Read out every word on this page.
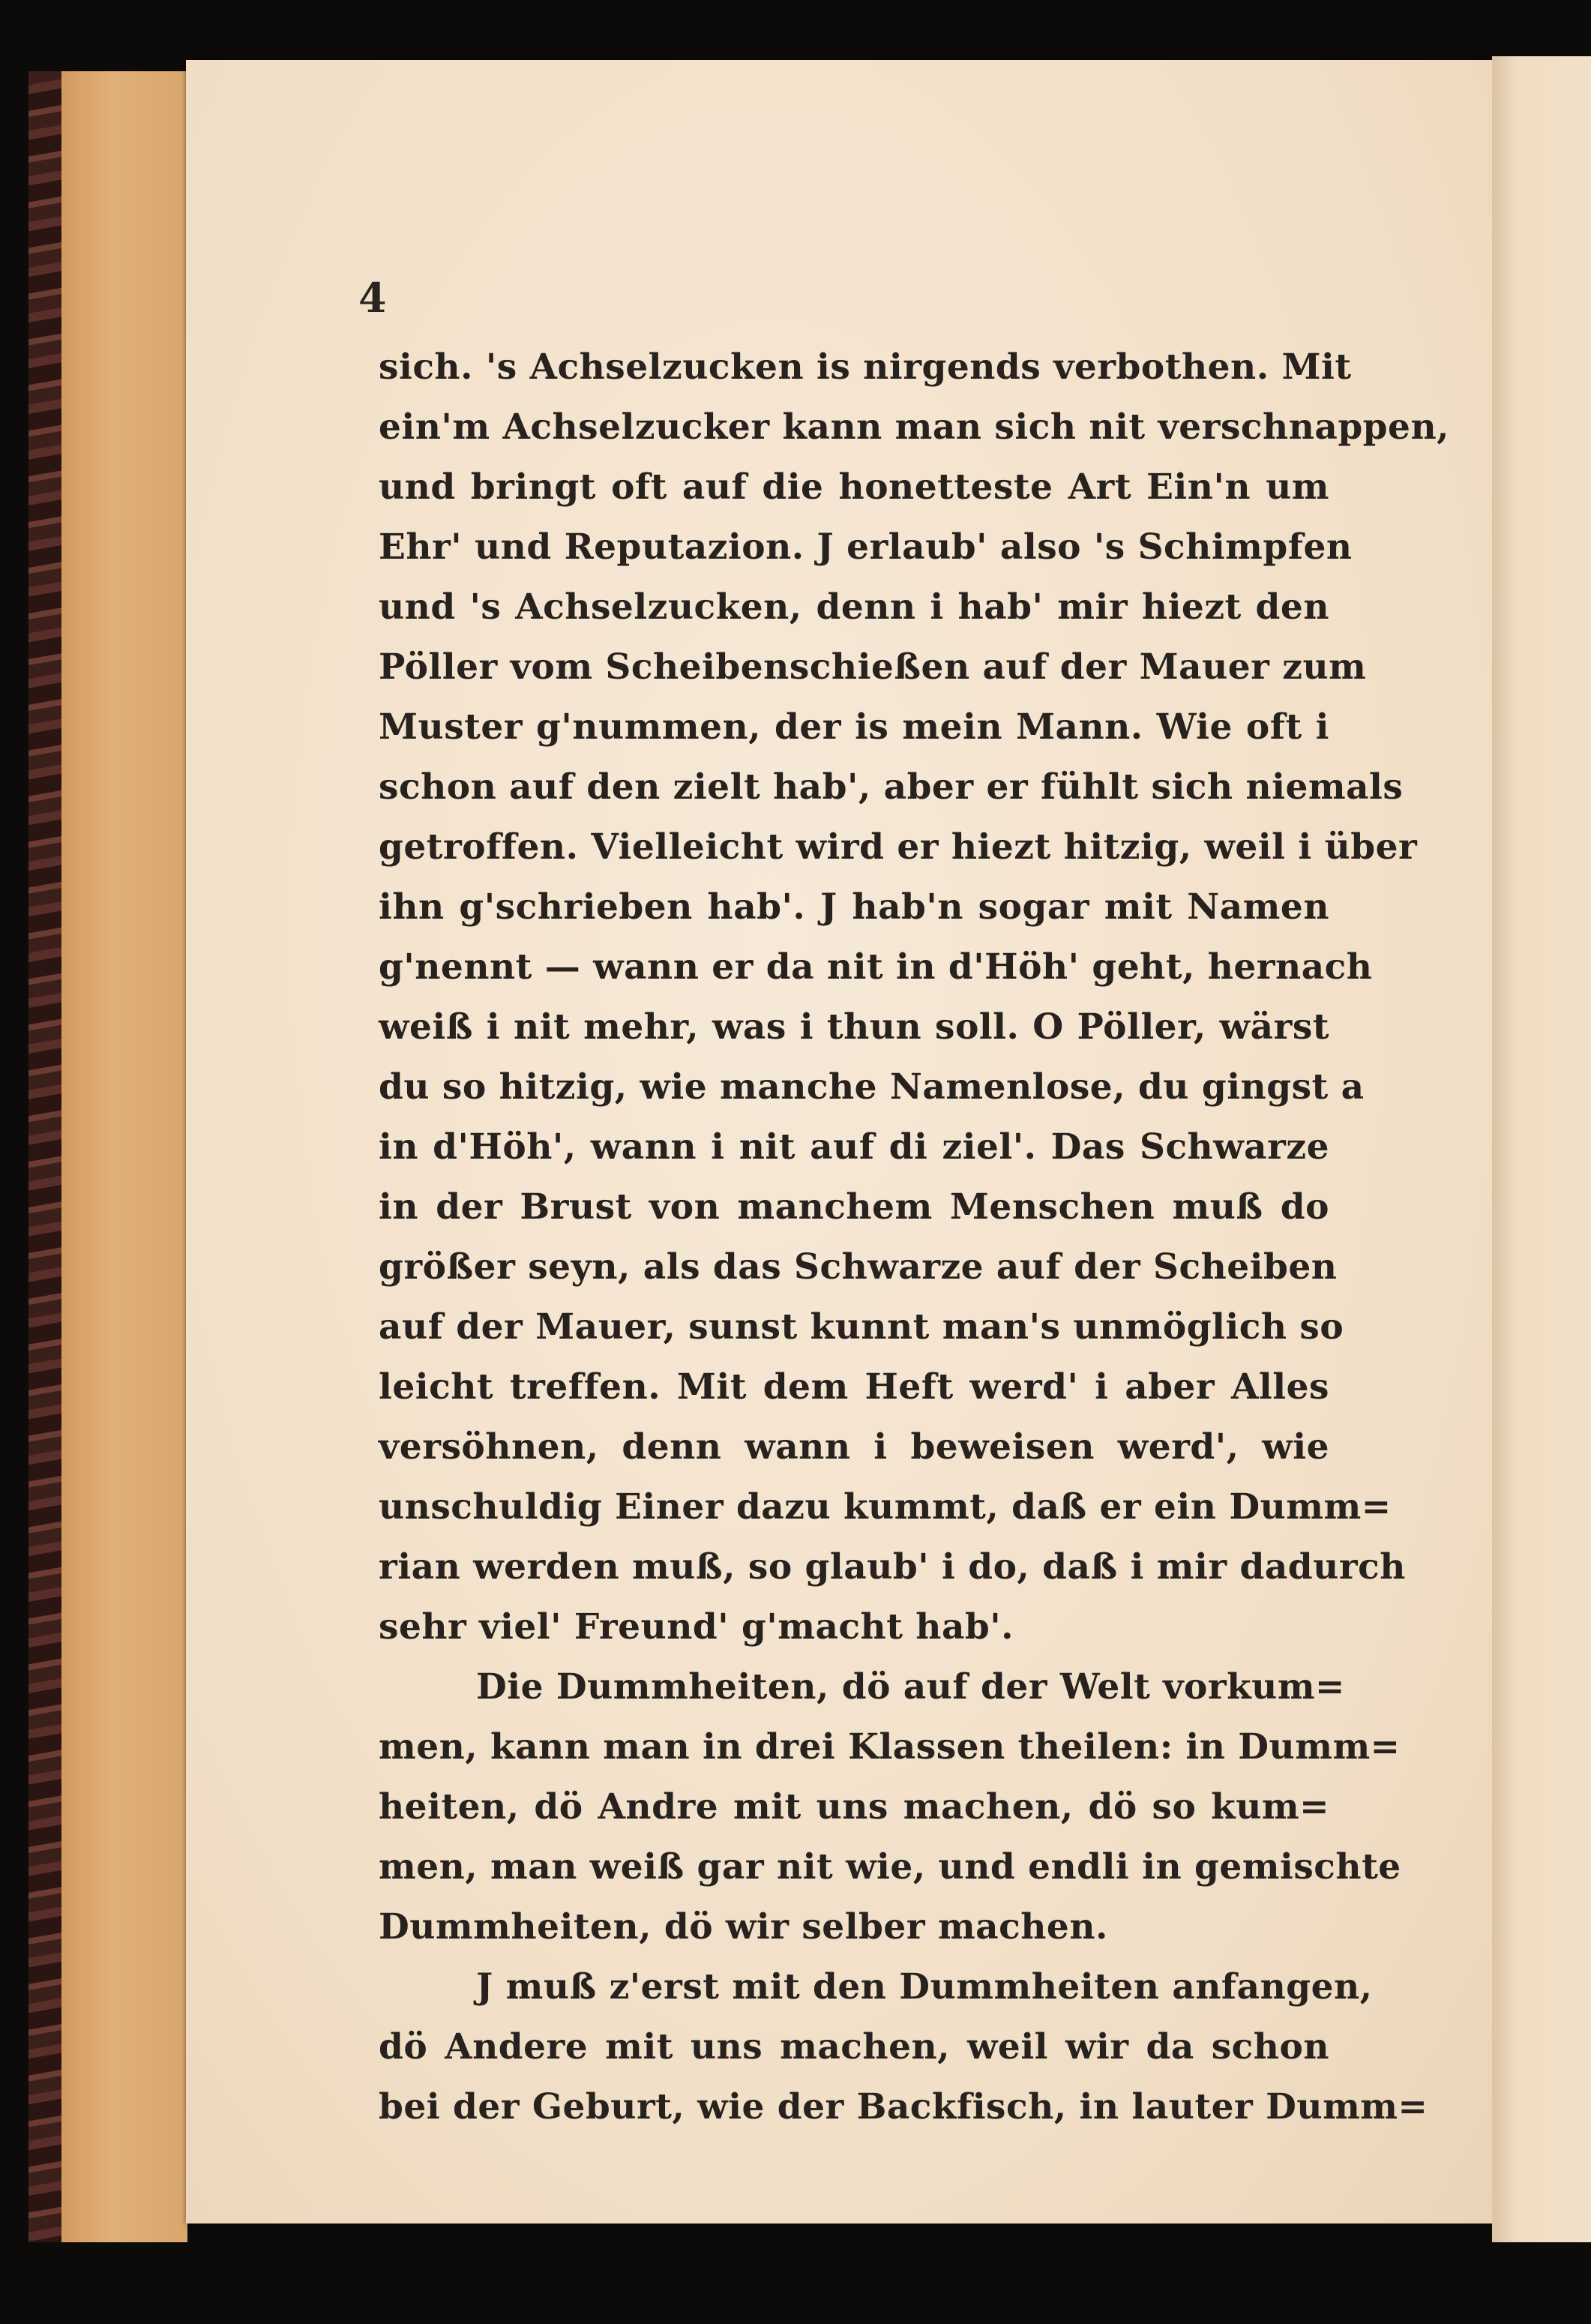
4
sich. 's Achselzucken is nirgends verbothen. Mit
ein'm Achselzucker kann man sich nit verschnappen,
und bringt oft auf die honetteste Art Ein'n um
Ehr' und Reputazion. J erlaub' also 's Schimpfen
und 's Achselzucken, denn i hab' mir hiezt den
Pöller vom Scheibenschießen auf der Mauer zum
Muster g'nummen, der is mein Mann. Wie oft i
schon auf den zielt hab', aber er fühlt sich niemals
getroffen. Vielleicht wird er hiezt hitzig, weil i über
ihn g'schrieben hab'. J hab'n sogar mit Namen
g'nennt — wann er da nit in d'Höh' geht, hernach
weiß i nit mehr, was i thun soll. O Pöller, wärst
du so hitzig, wie manche Namenlose, du gingst a
in d'Höh', wann i nit auf di ziel'. Das Schwarze
in der Brust von manchem Menschen muß do
größer seyn, als das Schwarze auf der Scheiben
auf der Mauer, sunst kunnt man's unmöglich so
leicht treffen. Mit dem Heft werd' i aber Alles
versöhnen, denn wann i beweisen werd', wie
unschuldig Einer dazu kummt, daß er ein Dumm=
rian werden muß, so glaub' i do, daß i mir dadurch
sehr viel' Freund' g'macht hab'.
Die Dummheiten, dö auf der Welt vorkum=
men, kann man in drei Klassen theilen: in Dumm=
heiten, dö Andre mit uns machen, dö so kum=
men, man weiß gar nit wie, und endli in gemischte
Dummheiten, dö wir selber machen.
J muß z'erst mit den Dummheiten anfangen,
dö Andere mit uns machen, weil wir da schon
bei der Geburt, wie der Backfisch, in lauter Dumm=
